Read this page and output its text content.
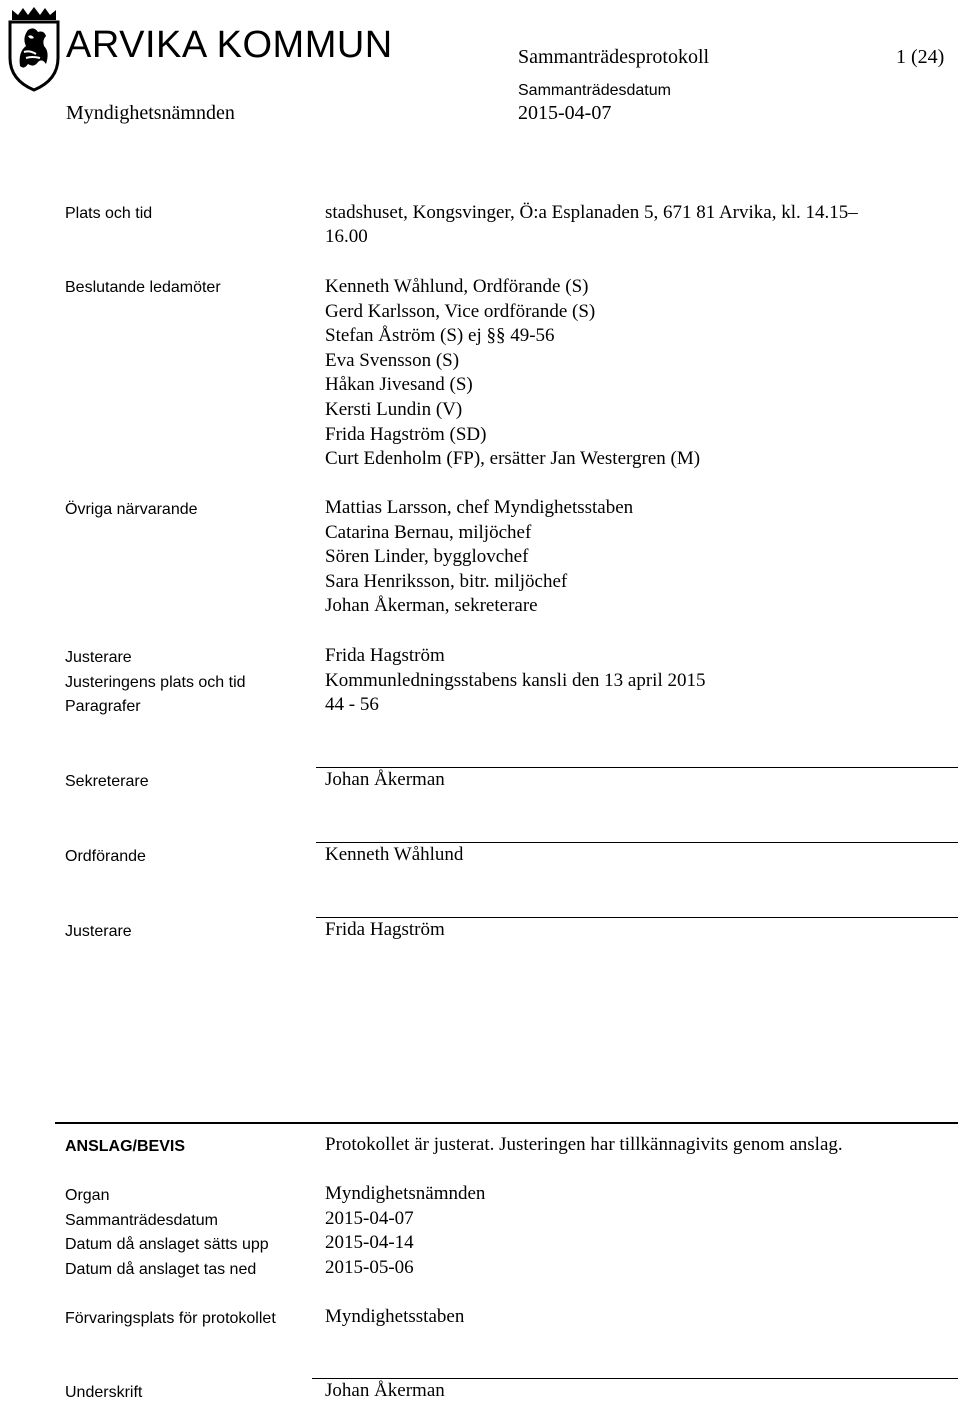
ARVIKA KOMMUN	Sammanträdesprotokoll	1 (24)
Sammanträdesdatum
Myndighetsnämnden	2015-04-07
Plats och tid	stadshuset, Kongsvinger, Ö:a Esplanaden 5, 671 81 Arvika, kl. 14.15–
16.00
Beslutande ledamöter	Kenneth Wåhlund, Ordförande (S)
Gerd Karlsson, Vice ordförande (S)
Stefan Åström (S) ej §§ 49-56
Eva Svensson (S)
Håkan Jivesand (S)
Kersti Lundin (V)
Frida Hagström (SD)
Curt Edenholm (FP), ersätter Jan Westergren (M)
Övriga närvarande	Mattias Larsson, chef Myndighetsstaben
Catarina Bernau, miljöchef
Sören Linder, bygglovchef
Sara Henriksson, bitr. miljöchef
Johan Åkerman, sekreterare
Justerare	Frida Hagström
Justeringens plats och tid	Kommunledningsstabens kansli den 13 april 2015
Paragrafer	44 - 56
Sekreterare	Johan Åkerman
Ordförande	Kenneth Wåhlund
Justerare	Frida Hagström
ANSLAG/BEVIS	Protokollet är justerat. Justeringen har tillkännagivits genom anslag.
Organ	Myndighetsnämnden
Sammanträdesdatum	2015-04-07
Datum då anslaget sätts upp	2015-04-14
Datum då anslaget tas ned	2015-05-06
Förvaringsplats för protokollet	Myndighetsstaben
Underskrift	Johan Åkerman
